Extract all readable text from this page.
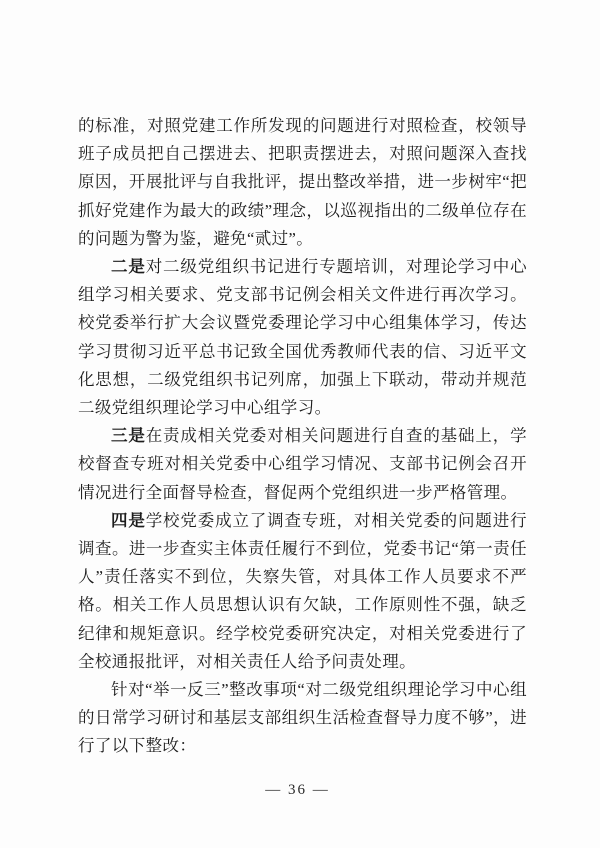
的标准，对照党建工作所发现的问题进行对照检查，校领导班子成员把自己摆进去、把职责摆进去，对照问题深入查找原因，开展批评与自我批评，提出整改举措，进一步树牢“把抓好党建作为最大的政绩”理念，以巡视指出的二级单位存在的问题为警为鉴，避免“贰过”。

二是对二级党组织书记进行专题培训，对理论学习中心组学习相关要求、党支部书记例会相关文件进行再次学习。校党委举行扩大会议暨党委理论学习中心组集体学习，传达学习贯彻习近平总书记致全国优秀教师代表的信、习近平文化思想，二级党组织书记列席，加强上下联动，带动并规范二级党组织理论学习中心组学习。

三是在责成相关党委对相关问题进行自查的基础上，学校督查专班对相关党委中心组学习情况、支部书记例会召开情况进行全面督导检查，督促两个党组织进一步严格管理。

四是学校党委成立了调查专班，对相关党委的问题进行调查。进一步查实主体责任履行不到位，党委书记“第一责任人”责任落实不到位，失察失管，对具体工作人员要求不严格。相关工作人员思想认识有欠缺，工作原则性不强，缺乏纪律和规矩意识。经学校党委研究决定，对相关党委进行了全校通报批评，对相关责任人给予问责处理。

针对“举一反三”整改事项“对二级党组织理论学习中心组的日常学习研讨和基层支部组织生活检查督导力度不够”，进行了以下整改：

— 36 —
